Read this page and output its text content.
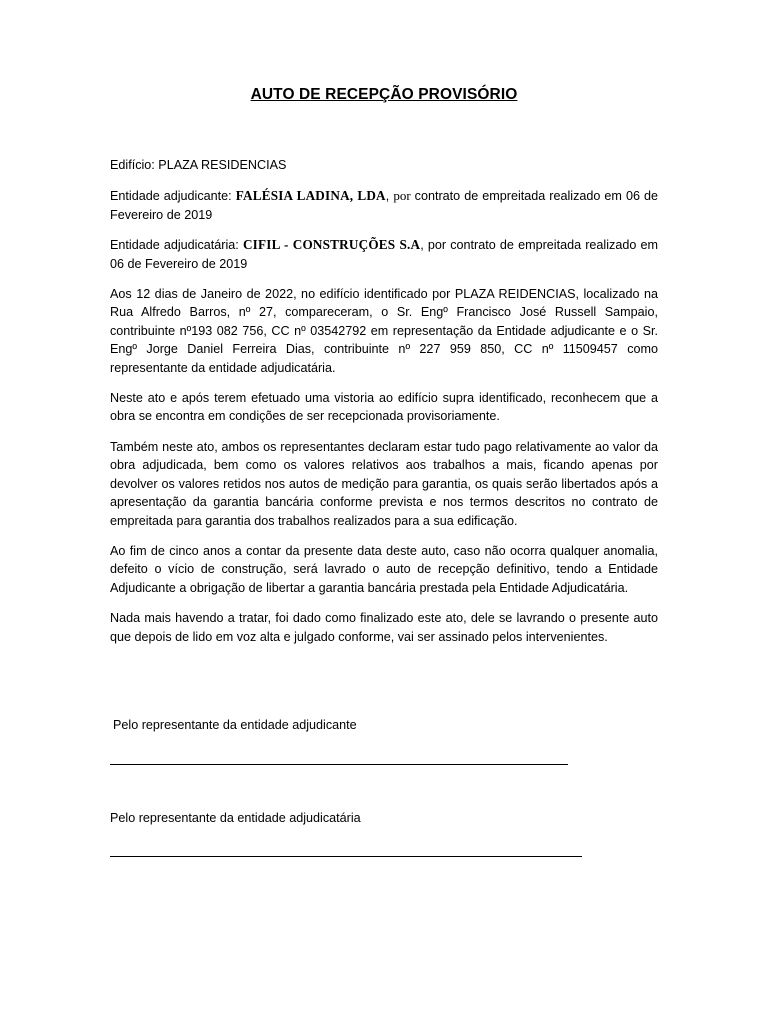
AUTO DE RECEPÇÃO PROVISÓRIO

Edifício: PLAZA RESIDENCIAS

Entidade adjudicante: FALÉSIA LADINA, LDA, por contrato de empreitada realizado em 06 de Fevereiro de 2019

Entidade adjudicatária: CIFIL - CONSTRUÇÕES S.A, por contrato de empreitada realizado em 06 de Fevereiro de 2019

Aos 12 dias de Janeiro de 2022, no edifício identificado por PLAZA REIDENCIAS, localizado na Rua Alfredo Barros, nº 27, compareceram, o Sr. Engº Francisco José Russell Sampaio, contribuinte nº193 082 756, CC nº 03542792 em representação da Entidade adjudicante e o Sr. Engº Jorge Daniel Ferreira Dias, contribuinte nº 227 959 850, CC nº 11509457 como representante da entidade adjudicatária.

Neste ato e após terem efetuado uma vistoria ao edifício supra identificado, reconhecem que a obra se encontra em condições de ser recepcionada provisoriamente.

Também neste ato, ambos os representantes declaram estar tudo pago relativamente ao valor da obra adjudicada, bem como os valores relativos aos trabalhos a mais, ficando apenas por devolver os valores retidos nos autos de medição para garantia, os quais serão libertados após a apresentação da garantia bancária conforme prevista e nos termos descritos no contrato de empreitada para garantia dos trabalhos realizados para a sua edificação.

Ao fim de cinco anos a contar da presente data deste auto, caso não ocorra qualquer anomalia, defeito o vício de construção, será lavrado o auto de recepção definitivo, tendo a Entidade Adjudicante a obrigação de libertar a garantia bancária prestada pela Entidade Adjudicatária.

Nada mais havendo a tratar, foi dado como finalizado este ato, dele se lavrando o presente auto que depois de lido em voz alta e julgado conforme, vai ser assinado pelos intervenientes.

Pelo representante da entidade adjudicante
Pelo representante da entidade adjudicatária
